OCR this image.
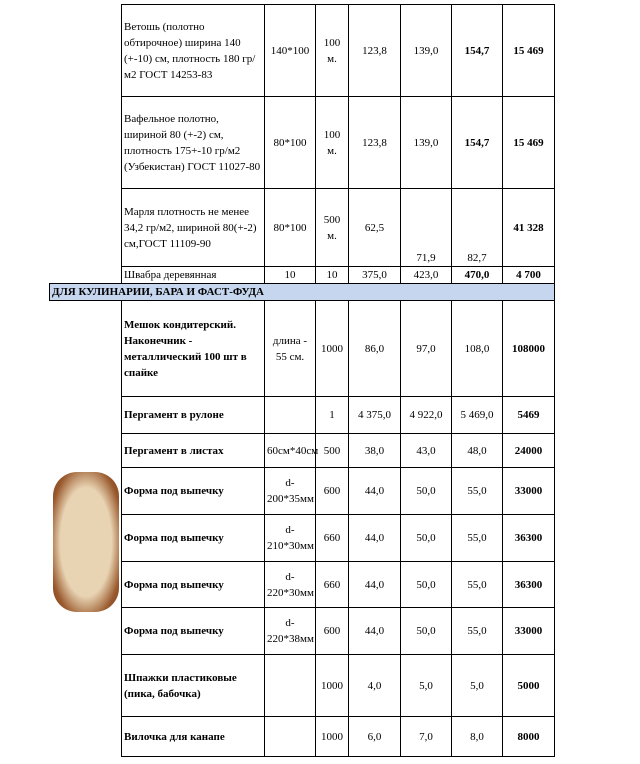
	Ветошь (полотно обтирочное) ширина 140 (+-10) см, плотность 180 гр/м2 ГОСТ 14253-83	140*100	100 м.	123,8	139,0	154,7	15 469

	Вафельное полотно, шириной 80 (+-2) см, плотность 175+-10 гр/м2 (Узбекистан) ГОСТ 11027-80	80*100	100 м.	123,8	139,0	154,7	15 469

	Марля плотность не менее 34,2 гр/м2, шириной 80(+-2) см,ГОСТ 11109-90	80*100	500 м.	62,5	71,9	82,7	41 328

	Швабра деревянная	10	10	375,0	423,0	470,0	4 700
ДЛЯ КУЛИНАРИИ, БАРА И ФАСТ-ФУДА							

	Мешок кондитерский. Наконечник - металлический 100 шт в спайке	длина - 55 см.	1000	86,0	97,0	108,0	108000

	Пергамент в рулоне		1	4 375,0	4 922,0	5 469,0	5469

	Пергамент в листах	60см*40см	500	38,0	43,0	48,0	24000

	Форма под выпечку	d-200*35мм	600	44,0	50,0	55,0	33000

	Форма под выпечку	d-210*30мм	660	44,0	50,0	55,0	36300

	Форма под выпечку	d-220*30мм	660	44,0	50,0	55,0	36300

	Форма под выпечку	d-220*38мм	600	44,0	50,0	55,0	33000

	Шпажки пластиковые (пика, бабочка)		1000	4,0	5,0	5,0	5000

	Вилочка для канапе		1000	6,0	7,0	8,0	8000
